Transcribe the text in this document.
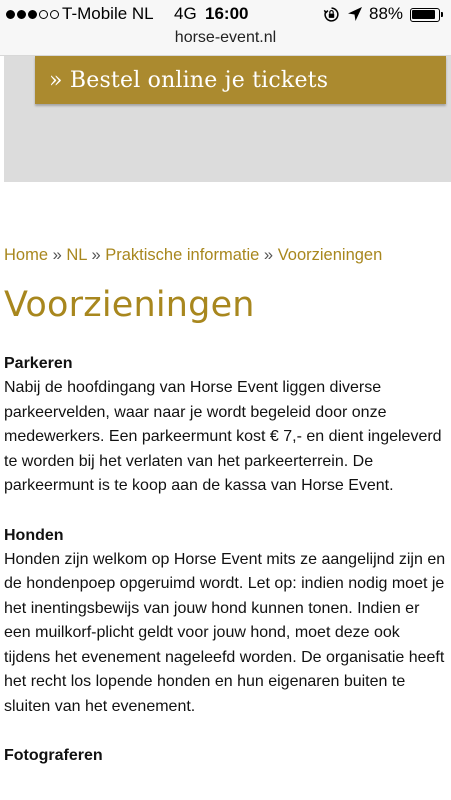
T-Mobile NL 4G 16:00	88%
horse-event.nl
» Bestel online je tickets
Home » NL » Praktische informatie » Voorzieningen
Voorzieningen
Parkeren

Nabij de hoofdingang van Horse Event liggen diverse parkeervelden, waar naar je wordt begeleid door onze medewerkers. Een parkeermunt kost € 7,- en dient ingeleverd te worden bij het verlaten van het parkeerterrein. De parkeermunt is te koop aan de kassa van Horse Event.

Honden

Honden zijn welkom op Horse Event mits ze aangelijnd zijn en de hondenpoep opgeruimd wordt. Let op: indien nodig moet je het inentingsbewijs van jouw hond kunnen tonen. Indien er een muilkorf-plicht geldt voor jouw hond, moet deze ook tijdens het evenement nageleefd worden. De organisatie heeft het recht los lopende honden en hun eigenaren buiten te sluiten van het evenement.

Fotograferen
